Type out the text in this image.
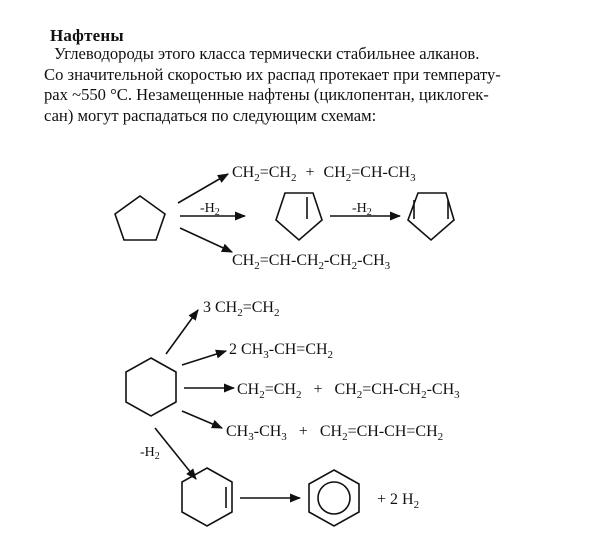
Нафтены
Углеводороды этого класса термически стабильнее алканов.
Со значительной скоростью их распад протекает при температу-
рах ~550 °С. Незамещенные нафтены (циклопентан, циклогек-
сан) могут распадаться по следующим схемам:
$CH_2=CH_2 + CH_2=CH-CH_3$
$-H_2$	$-H_2$
$CH_2=CH-CH_2-CH_2-CH_3$
3 $CH_2=CH_2$
2 $CH_3-CH=CH_2$
$CH_2=CH_2 + CH_2=CH-CH_2-CH_3$
$CH_3-CH_3 + CH_2=CH-CH=CH_2$
$-H_2$
+ 2 $H_2$
